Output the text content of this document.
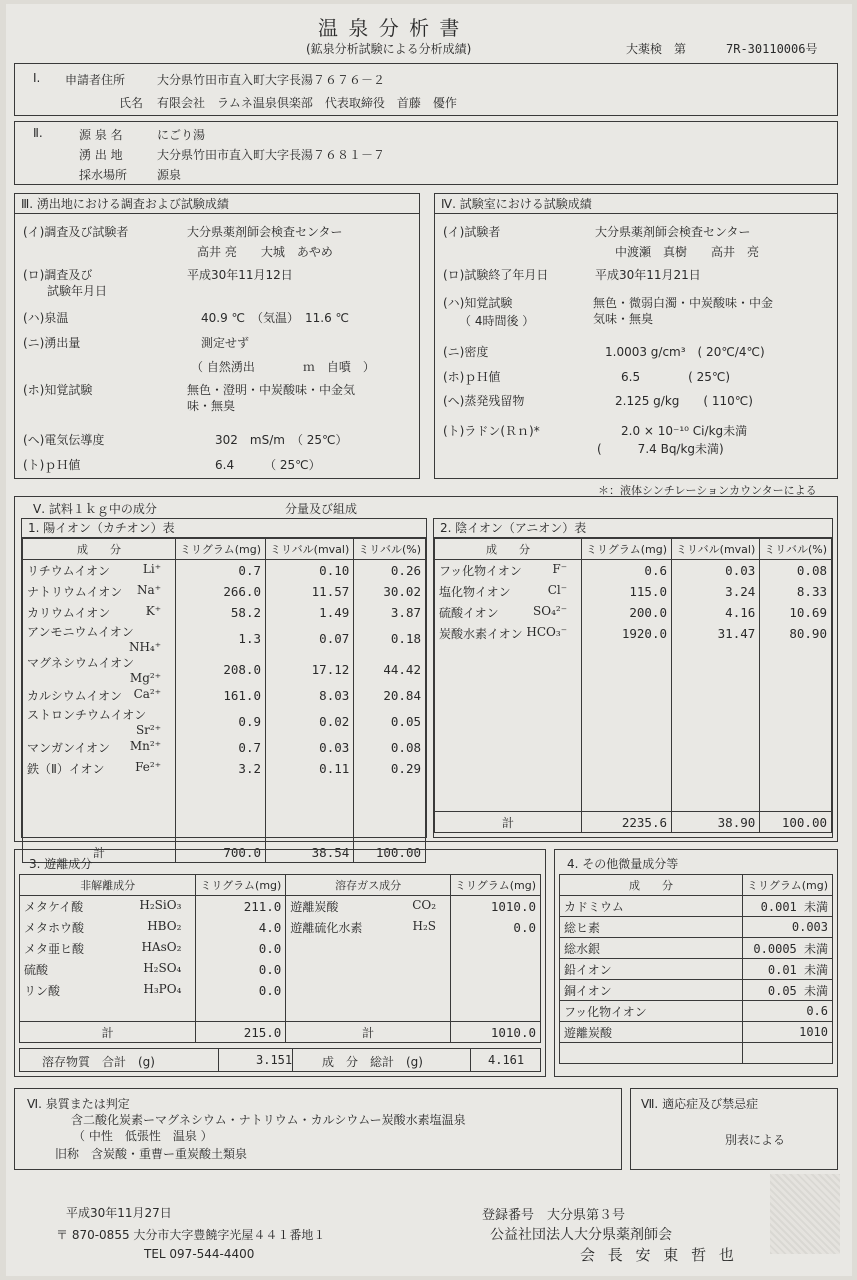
温 泉 分 析 書
(鉱泉分析試験による分析成績)	大薬検　第	7R-30110006号
Ⅰ. 申請者住所	大分県竹田市直入町大字長湯７６７６－２
氏名 有限会社　ラムネ温泉倶楽部　代表取締役　首藤　優作
Ⅱ.	源 泉 名	にごり湯
湧 出 地	大分県竹田市直入町大字長湯７６８１－７
採水場所 源泉
Ⅲ. 湧出地における調査および試験成績
(イ)調査及び試験者	大分県薬剤師会検査センター
高井 亮　　大城　あやめ
(ロ)調査及び
試験年月日
平成30年11月12日
(ハ)泉温	40.9 ℃　（気温）　11.6 ℃
(ニ)湧出量	測定せず
（ 自然湧出　　　　ｍ　自噴　）
(ホ)知覚試験	無色・澄明・中炭酸味・中金気
味・無臭
(ヘ)電気伝導度	302　mS/m　（ 25℃）
(ト)ｐＨ値	6.4　　　（ 25℃）
Ⅳ. 試験室における試験成績
(イ)試験者	大分県薬剤師会検査センター
中渡瀬　真樹　　高井　亮
(ロ)試験終了年月日	平成30年11月21日
(ハ)知覚試験
（ 4時間後 ）
無色・微弱白濁・中炭酸味・中金
気味・無臭
(ニ)密度	1.0003 g/cm³　( 20℃/4℃)
(ホ)ｐＨ値	6.5　　　　( 25℃)
(ヘ)蒸発残留物	2.125 g/kg　　( 110℃)
(ト)ラドン(Ｒｎ)*	2.0 × 10⁻¹⁰ Ci/kg未満
(　　　7.4 Bq/kg未満)
＊：液体シンチレーションカウンターによる
Ⅴ. 試料１ｋｇ中の成分	分量及び組成
1. 陽イオン（カチオン）表
成　　分	ミリグラム(mg)	ミリバル(mval)	ミリバル(%)
リチウムイオン Li⁺	0.7	0.10	0.26
ナトリウムイオン Na⁺	266.0	11.57	30.02
カリウムイオン K⁺	58.2	1.49	3.87
アンモニウムイオン
NH₄⁺	1.3	0.07	0.18
マグネシウムイオン
Mg²⁺	208.0	17.12	44.42
カルシウムイオン Ca²⁺	161.0	8.03	20.84
ストロンチウムイオン
Sr²⁺	0.9	0.02	0.05
マンガンイオン Mn²⁺	0.7	0.03	0.08
鉄（Ⅱ）イオン Fe²⁺	3.2	0.11	0.29

計	700.0	38.54	100.00
2. 陰イオン（アニオン）表
成　　分	ミリグラム(mg)	ミリバル(mval)	ミリバル(%)
フッ化物イオン F⁻	0.6	0.03	0.08
塩化物イオン Cl⁻	115.0	3.24	8.33
硫酸イオン SO₄²⁻	200.0	4.16	10.69
炭酸水素イオン HCO₃⁻	1920.0	31.47	80.90

計	2235.6	38.90	100.00
3. 遊離成分
非解離成分	ミリグラム(mg)	溶存ガス成分	ミリグラム(mg)
メタケイ酸 H₂SiO₃	211.0	遊離炭酸 CO₂	1010.0
メタホウ酸 HBO₂	4.0	遊離硫化水素 H₂S	0.0
メタ亜ヒ酸 HAsO₂	0.0		
硫酸 H₂SO₄	0.0		
リン酸 H₃PO₄	0.0		

計	215.0	計	1010.0
溶存物質　合計　(g)	3.151 成　分　総計　(g)	4.161
4. その他微量成分等
成　　分	ミリグラム(mg)
カドミウム	0.001 未満
総ヒ素	0.003
総水銀	0.0005 未満
鉛イオン	0.01 未満
銅イオン	0.05 未満
フッ化物イオン	0.6
遊離炭酸	1010

Ⅵ. 泉質または判定
含二酸化炭素ーマグネシウム・ナトリウム・カルシウムー炭酸水素塩温泉
（ 中性　低張性　温泉 ）
旧称　含炭酸・重曹ー重炭酸土類泉
Ⅶ. 適応症及び禁忌症
別表による
平成30年11月27日
〒 870-0855 大分市大字豊饒字光屋４４１番地１
TEL 097-544-4400
登録番号　大分県第３号
公益社団法人大分県薬剤師会
会 長 安 東 哲 也
